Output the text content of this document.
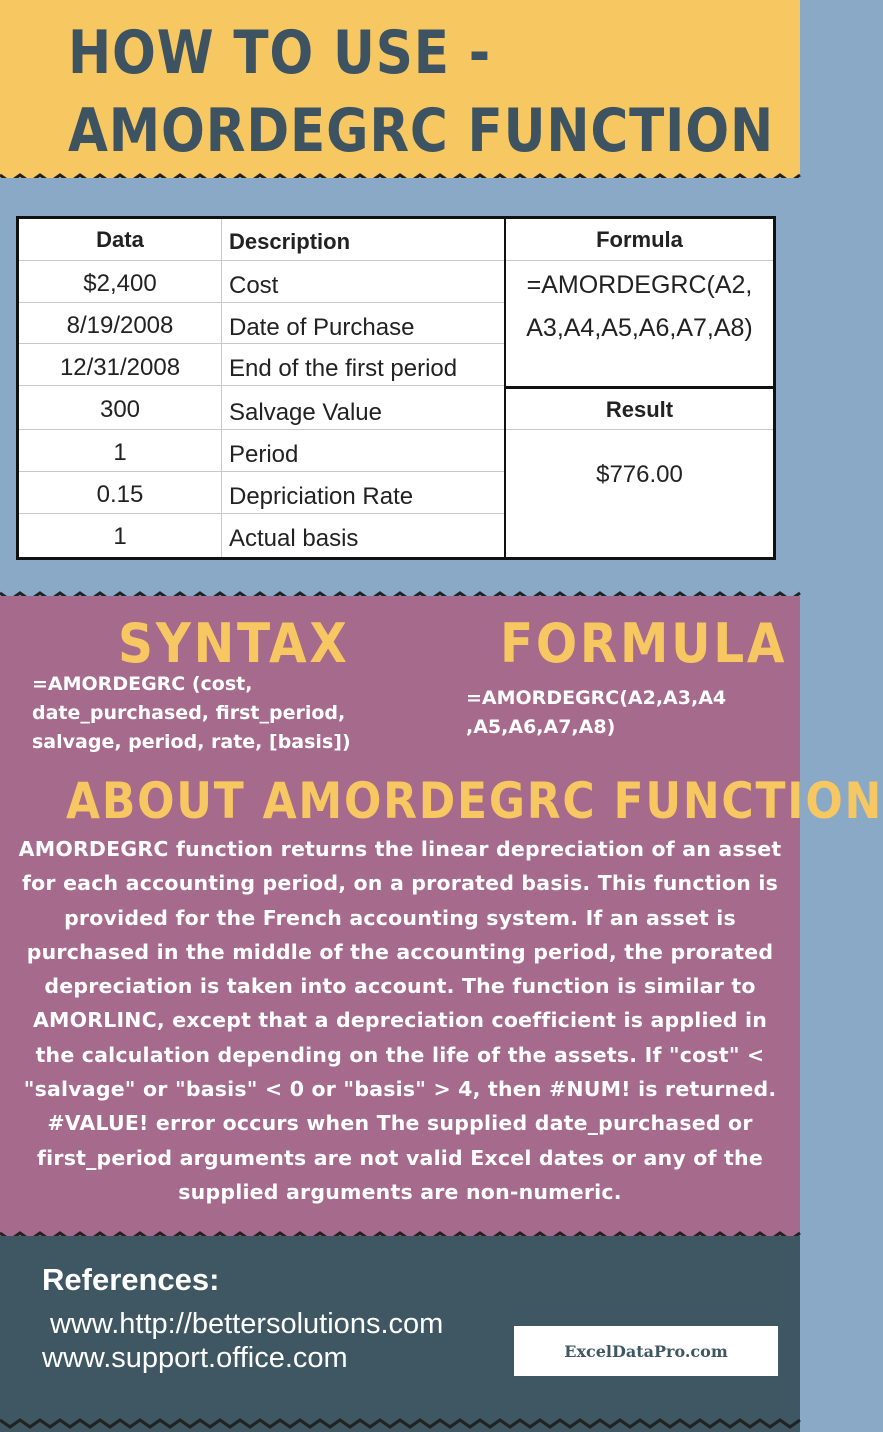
HOW TO USE -
AMORDEGRC FUNCTION
Data	Description	Formula
Result
$2,400	Cost
8/19/2008	Date of Purchase
12/31/2008	End of the first period
300	Salvage Value
1	Period
0.15	Depriciation Rate
1	Actual basis
=AMORDEGRC(A2,
A3,A4,A5,A6,A7,A8)
$776.00
SYNTAX	FORMULA
=AMORDEGRC (cost,
date_purchased, first_period,
salvage, period, rate, [basis])
=AMORDEGRC(A2,A3,A4
,A5,A6,A7,A8)
ABOUT AMORDEGRC FUNCTION
AMORDEGRC function returns the linear depreciation of an asset for each accounting period, on a prorated basis. This function is provided for the French accounting system. If an asset is purchased in the middle of the accounting period, the prorated depreciation is taken into account. The function is similar to AMORLINC, except that a depreciation coefficient is applied in the calculation depending on the life of the assets. If "cost" < "salvage" or "basis" < 0 or "basis" > 4, then #NUM! is returned. #VALUE! error occurs when The supplied date_purchased or first_period arguments are not valid Excel dates or any of the supplied arguments are non-numeric.
References:
www.http://bettersolutions.com
www.support.office.com	ExcelDataPro.com
